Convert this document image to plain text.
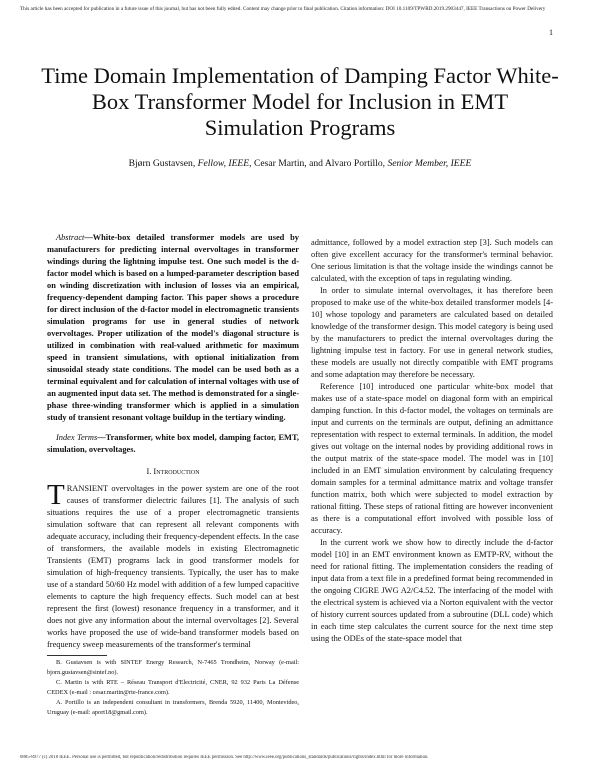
This article has been accepted for publication in a future issue of this journal, but has not been fully edited. Content may change prior to final publication. Citation information: DOI 10.1109/TPWRD.2019.2903447, IEEE Transactions on Power Delivery
1
Time Domain Implementation of Damping Factor White-Box Transformer Model for Inclusion in EMT Simulation Programs
Bjørn Gustavsen, Fellow, IEEE, Cesar Martin, and Alvaro Portillo, Senior Member, IEEE

Abstract—White-box detailed transformer models are used by manufacturers for predicting internal overvoltages in transformer windings during the lightning impulse test. One such model is the d-factor model which is based on a lumped-parameter description based on winding discretization with inclusion of losses via an empirical, frequency-dependent damping factor. This paper shows a procedure for direct inclusion of the d-factor model in electromagnetic transients simulation programs for use in general studies of network overvoltages. Proper utilization of the model's diagonal structure is utilized in combination with real-valued arithmetic for maximum speed in transient simulations, with optional initialization from sinusoidal steady state conditions. The model can be used both as a terminal equivalent and for calculation of internal voltages with use of an augmented input data set. The method is demonstrated for a single-phase three-winding transformer which is applied in a simulation study of transient resonant voltage buildup in the tertiary winding.

Index Terms—Transformer, white box model, damping factor, EMT, simulation, overvoltages.

I. Introduction

TRANSIENT overvoltages in the power system are one of the root causes of transformer dielectric failures [1]. The analysis of such situations requires the use of a proper electromagnetic transients simulation software that can represent all relevant components with adequate accuracy, including their frequency-dependent effects. In the case of transformers, the available models in existing Electromagnetic Transients (EMT) programs lack in good transformer models for simulation of high-frequency transients. Typically, the user has to make use of a standard 50/60 Hz model with addition of a few lumped capacitive elements to capture the high frequency effects. Such model can at best represent the first (lowest) resonance frequency in a transformer, and it does not give any information about the internal overvoltages [2]. Several works have proposed the use of wide-band transformer models based on frequency sweep measurements of the transformer's terminal

admittance, followed by a model extraction step [3]. Such models can often give excellent accuracy for the transformer's terminal behavior. One serious limitation is that the voltage inside the windings cannot be calculated, with the exception of taps in regulating winding.

In order to simulate internal overvoltages, it has therefore been proposed to make use of the white-box detailed transformer models [4-10] whose topology and parameters are calculated based on detailed knowledge of the transformer design. This model category is being used by the manufacturers to predict the internal overvoltages during the lightning impulse test in factory. For use in general network studies, these models are usually not directly compatible with EMT programs and some adaptation may therefore be necessary.

Reference [10] introduced one particular white-box model that makes use of a state-space model on diagonal form with an empirical damping function. In this d-factor model, the voltages on terminals are input and currents on the terminals are output, defining an admittance representation with respect to external terminals. In addition, the model gives out voltage on the internal nodes by providing additional rows in the output matrix of the state-space model. The model was in [10] included in an EMT simulation environment by calculating frequency domain samples for a terminal admittance matrix and voltage transfer function matrix, both which were subjected to model extraction by rational fitting. These steps of rational fitting are however inconvenient as there is a computational effort involved with possible loss of accuracy.

In the current work we show how to directly include the d-factor model [10] in an EMT environment known as EMTP-RV, without the need for rational fitting. The implementation considers the reading of input data from a text file in a predefined format being recommended in the ongoing CIGRE JWG A2/C4.52. The interfacing of the model with the electrical system is achieved via a Norton equivalent with the vector of history current sources updated from a subroutine (DLL code) which in each time step calculates the current source for the next time step using the ODEs of the state-space model that

B. Gustavsen is with SINTEF Energy Research, N-7465 Trondheim, Norway (e-mail: bjorn.gustavsen@sintef.no).

C. Martin is with RTE – Réseau Transport d'Electricité, CNER, 92 932 Paris La Défense CEDEX (e-mail : cesar.martin@rte-france.com).

A. Portillo is an independent consultant in transformers, Brenda 5920, 11400, Montevideo, Uruguay (e-mail: aport18@gmail.com).

0885-8977 (c) 2018 IEEE. Personal use is permitted, but republication/redistribution requires IEEE permission. See http://www.ieee.org/publications_standards/publications/rights/index.html for more information.
